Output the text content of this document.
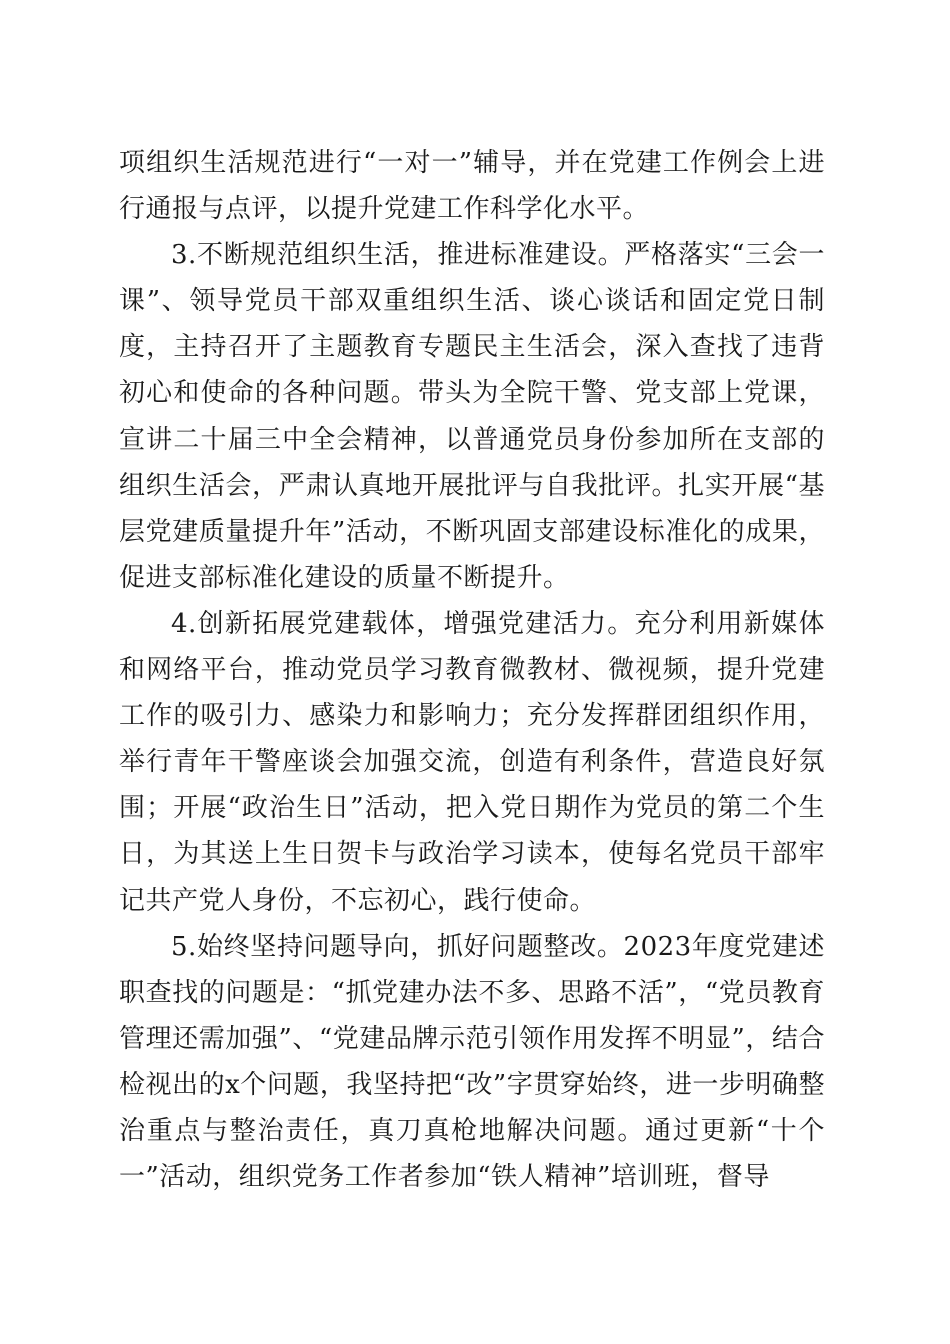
项组织生活规范进行“一对一”辅导，并在党建工作例会上进行通报与点评，以提升党建工作科学化水平。

3.不断规范组织生活，推进标准建设。严格落实“三会一课”、领导党员干部双重组织生活、谈心谈话和固定党日制度，主持召开了主题教育专题民主生活会，深入查找了违背初心和使命的各种问题。带头为全院干警、党支部上党课，宣讲二十届三中全会精神，以普通党员身份参加所在支部的组织生活会，严肃认真地开展批评与自我批评。扎实开展“基层党建质量提升年”活动，不断巩固支部建设标准化的成果，促进支部标准化建设的质量不断提升。

4.创新拓展党建载体，增强党建活力。充分利用新媒体和网络平台，推动党员学习教育微教材、微视频，提升党建工作的吸引力、感染力和影响力；充分发挥群团组织作用，举行青年干警座谈会加强交流，创造有利条件，营造良好氛围；开展“政治生日”活动，把入党日期作为党员的第二个生日，为其送上生日贺卡与政治学习读本，使每名党员干部牢记共产党人身份，不忘初心，践行使命。

5.始终坚持问题导向，抓好问题整改。2023年度党建述职查找的问题是：“抓党建办法不多、思路不活”，“党员教育管理还需加强”、“党建品牌示范引领作用发挥不明显”，结合检视出的x个问题，我坚持把“改”字贯穿始终，进一步明确整治重点与整治责任，真刀真枪地解决问题。通过更新“十个一”活动，组织党务工作者参加“铁人精神”培训班，督导
